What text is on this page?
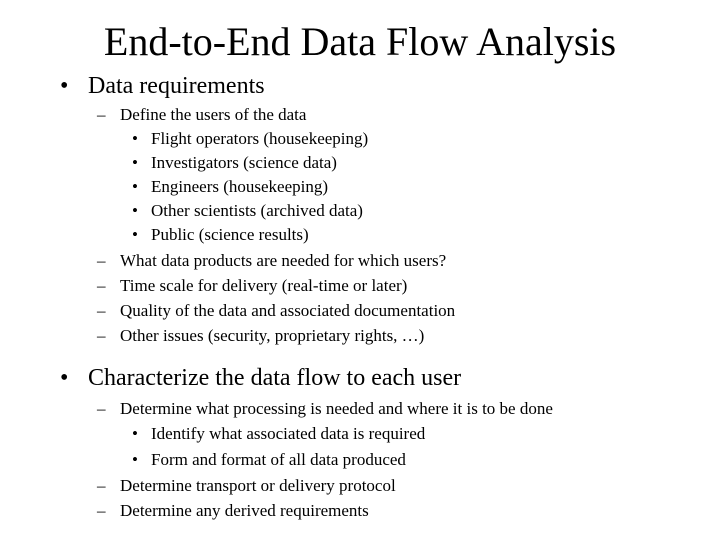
End-to-End Data Flow Analysis
• Data requirements
– Define the users of the data
• Flight operators (housekeeping)
• Investigators (science data)
• Engineers (housekeeping)
• Other scientists (archived data)
• Public (science results)
– What data products are needed for which users?
– Time scale for delivery (real-time or later)
– Quality of the data and associated documentation
– Other issues (security, proprietary rights, …)
• Characterize the data flow to each user
– Determine what processing is needed and where it is to be done
• Identify what associated data is required
• Form and format of all data produced
– Determine transport or delivery protocol
– Determine any derived requirements
